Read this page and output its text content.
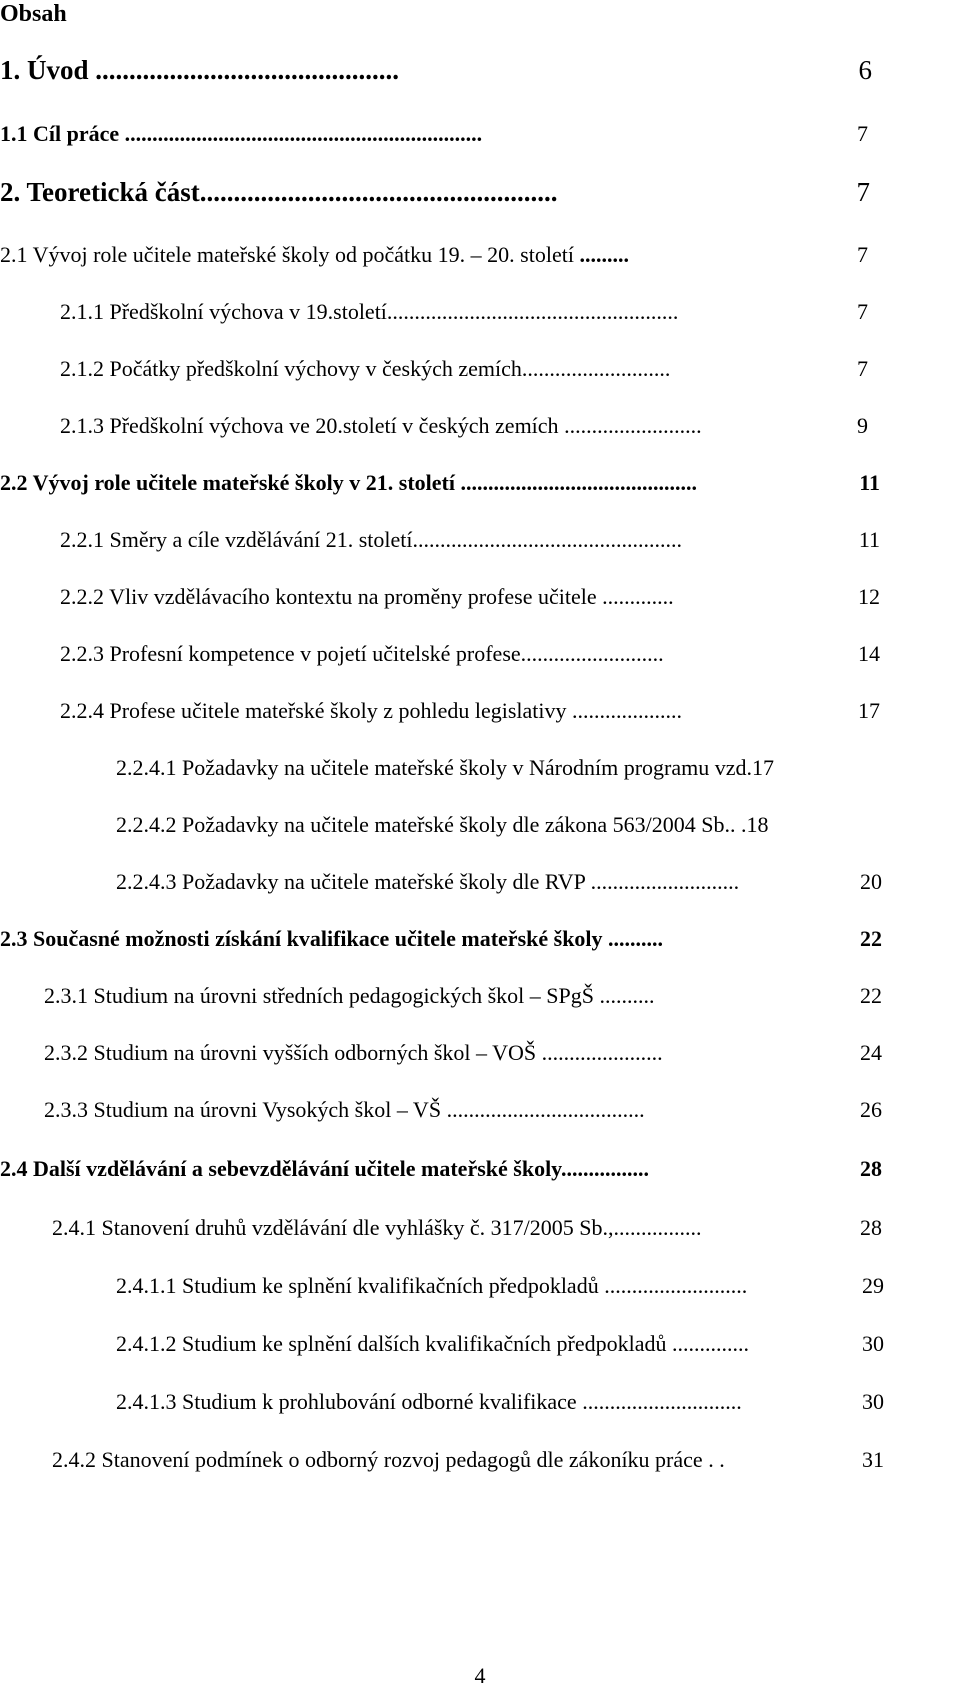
Obsah
1. Úvod .............................................	6
1.1 Cíl práce .................................................................	7
2. Teoretická část.....................................................	7
2.1 Vývoj role učitele mateřské školy od počátku 19. – 20. století .........	7
2.1.1 Předškolní výchova v 19.století.....................................................	7
2.1.2 Počátky předškolní výchovy v českých zemích...........................	7
2.1.3 Předškolní výchova ve 20.století v českých zemích .........................	9
2.2 Vývoj role učitele mateřské školy v 21. století ...........................................	11
2.2.1 Směry a cíle vzdělávání 21. století.................................................	11
2.2.2 Vliv vzdělávacího kontextu na proměny profese učitele .............	12
2.2.3 Profesní kompetence v pojetí učitelské profese..........................	14
2.2.4 Profese učitele mateřské školy z pohledu legislativy ....................	17
2.2.4.1 Požadavky na učitele mateřské školy v Národním programu vzd.17
2.2.4.2 Požadavky na učitele mateřské školy dle zákona 563/2004 Sb.. .18
2.2.4.3 Požadavky na učitele mateřské školy dle RVP ...........................	20
2.3 Současné možnosti získání kvalifikace učitele mateřské školy ..........	22
2.3.1 Studium na úrovni středních pedagogických škol – SPgŠ ..........	22
2.3.2 Studium na úrovni vyšších odborných škol – VOŠ ......................	24
2.3.3 Studium na úrovni Vysokých škol – VŠ ....................................	26
2.4 Další vzdělávání a sebevzdělávání učitele mateřské školy................	28
2.4.1 Stanovení druhů vzdělávání dle vyhlášky č. 317/2005 Sb.,................	28
2.4.1.1 Studium ke splnění kvalifikačních předpokladů ..........................	29
2.4.1.2 Studium ke splnění dalších kvalifikačních předpokladů ..............	30
2.4.1.3 Studium k prohlubování odborné kvalifikace .............................	30
2.4.2 Stanovení podmínek o odborný rozvoj pedagogů dle zákoníku práce . .	31
4
